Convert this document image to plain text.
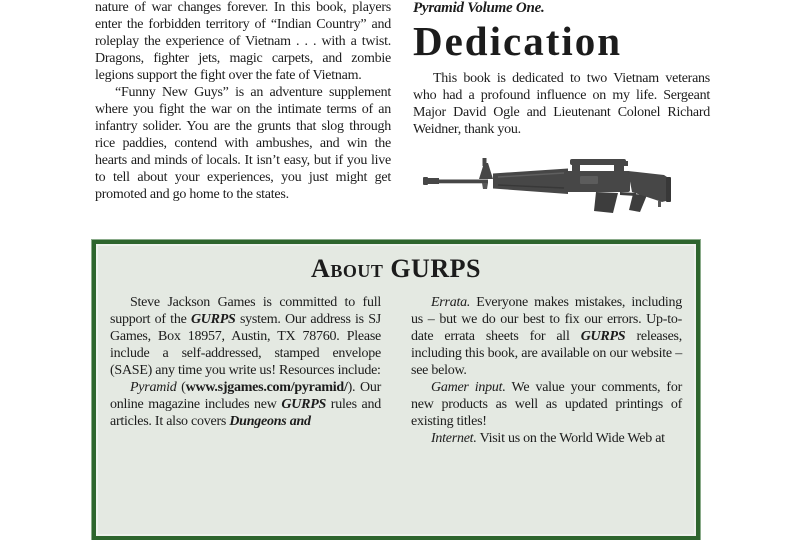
nature of war changes forever. In this book, players enter the forbidden territory of “Indian Country” and roleplay the experience of Vietnam . . . with a twist. Dragons, fighter jets, magic carpets, and zombie legions support the fight over the fate of Vietnam.

“Funny New Guys” is an adventure supplement where you fight the war on the intimate terms of an infantry solider. You are the grunts that slog through rice paddies, contend with ambushes, and win the hearts and minds of locals. It isn’t easy, but if you live to tell about your experiences, you just might get promoted and go home to the states.

Pyramid Volume One.

Dedication

This book is dedicated to two Vietnam veterans who had a profound influence on my life. Sergeant Major David Ogle and Lieutenant Colonel Richard Weidner, thank you.

About GURPS

Steve Jackson Games is committed to full support of the GURPS system. Our address is SJ Games, Box 18957, Austin, TX 78760. Please include a self-addressed, stamped envelope (SASE) any time you write us! Resources include:

Pyramid (www.sjgames.com/pyramid/). Our online magazine includes new GURPS rules and articles. It also covers Dungeons and

Errata. Everyone makes mistakes, including us – but we do our best to fix our errors. Up-to-date errata sheets for all GURPS releases, including this book, are available on our website – see below.

Gamer input. We value your comments, for new products as well as updated printings of existing titles!

Internet. Visit us on the World Wide Web at
